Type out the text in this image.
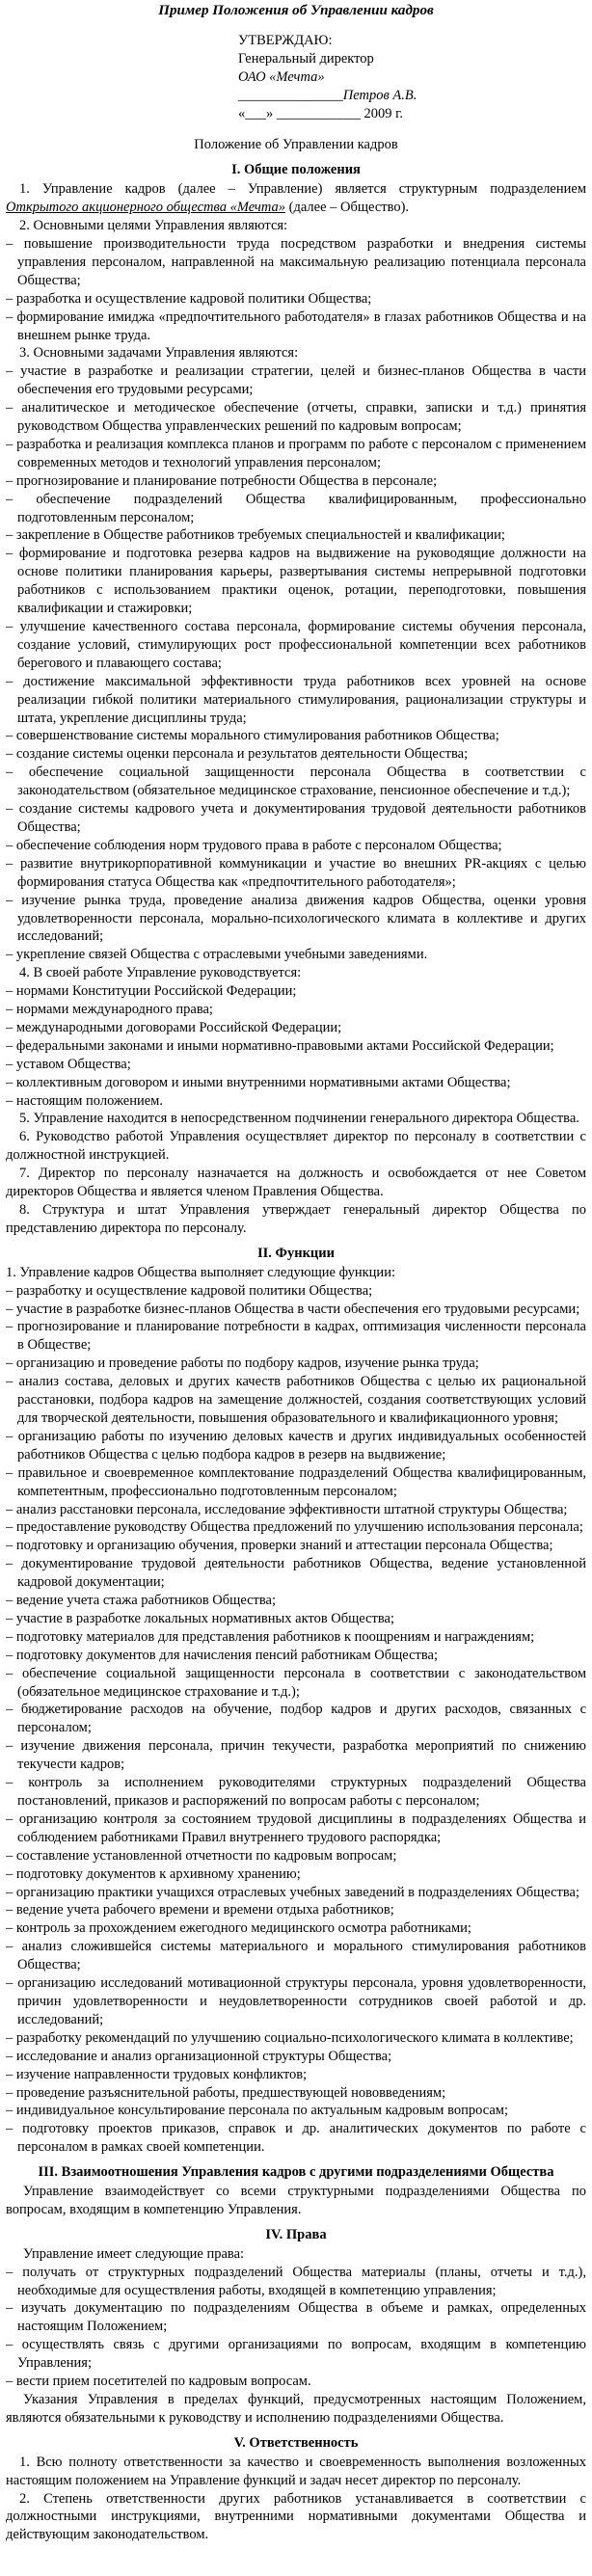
Пример Положения об Управлении кадров

УТВЕРЖДАЮ:

Генеральный директор

ОАО «Мечта»

_______________Петров А.В.

«___» ____________ 2009 г.

Положение об Управлении кадров

I. Общие положения

1. Управление кадров (далее – Управление) является структурным подразделением Открытого акционерного общества «Мечта» (далее – Общество).

2. Основными целями Управления являются:

– повышение производительности труда посредством разработки и внедрения системы управления персоналом, направленной на максимальную реализацию потенциала персонала Общества;

– разработка и осуществление кадровой политики Общества;

– формирование имиджа «предпочтительного работодателя» в глазах работников Общества и на внешнем рынке труда.

3. Основными задачами Управления являются:

– участие в разработке и реализации стратегии, целей и бизнес-планов Общества в части обеспечения его трудовыми ресурсами;

– аналитическое и методическое обеспечение (отчеты, справки, записки и т.д.) принятия руководством Общества управленческих решений по кадровым вопросам;

– разработка и реализация комплекса планов и программ по работе с персоналом с применением современных методов и технологий управления персоналом;

– прогнозирование и планирование потребности Общества в персонале;

– обеспечение подразделений Общества квалифицированным, профессионально подготовленным персоналом;

– закрепление в Обществе работников требуемых специальностей и квалификации;

– формирование и подготовка резерва кадров на выдвижение на руководящие должности на основе политики планирования карьеры, развертывания системы непрерывной подготовки работников с использованием практики оценок, ротации, переподготовки, повышения квалификации и стажировки;

– улучшение качественного состава персонала, формирование системы обучения персонала, создание условий, стимулирующих рост профессиональной компетенции всех работников берегового и плавающего состава;

– достижение максимальной эффективности труда работников всех уровней на основе реализации гибкой политики материального стимулирования, рационализации структуры и штата, укрепление дисциплины труда;

– совершенствование системы морального стимулирования работников Общества;

– создание системы оценки персонала и результатов деятельности Общества;

– обеспечение социальной защищенности персонала Общества в соответствии с законодательством (обязательное медицинское страхование, пенсионное обеспечение и т.д.);

– создание системы кадрового учета и документирования трудовой деятельности работников Общества;

– обеспечение соблюдения норм трудового права в работе с персоналом Общества;

– развитие внутрикорпоративной коммуникации и участие во внешних PR-акциях с целью формирования статуса Общества как «предпочтительного работодателя»;

– изучение рынка труда, проведение анализа движения кадров Общества, оценки уровня удовлетворенности персонала, морально-психологического климата в коллективе и других исследований;

– укрепление связей Общества с отраслевыми учебными заведениями.

4. В своей работе Управление руководствуется:

– нормами Конституции Российской Федерации;

– нормами международного права;

– международными договорами Российской Федерации;

– федеральными законами и иными нормативно-правовыми актами Российской Федерации;

– уставом Общества;

– коллективным договором и иными внутренними нормативными актами Общества;

– настоящим положением.

5. Управление находится в непосредственном подчинении генерального директора Общества.

6. Руководство работой Управления осуществляет директор по персоналу в соответствии с должностной инструкцией.

7. Директор по персоналу назначается на должность и освобождается от нее Советом директоров Общества и является членом Правления Общества.

8. Структура и штат Управления утверждает генеральный директор Общества по представлению директора по персоналу.

II. Функции

1. Управление кадров Общества выполняет следующие функции:

– разработку и осуществление кадровой политики Общества;

– участие в разработке бизнес-планов Общества в части обеспечения его трудовыми ресурсами;

– прогнозирование и планирование потребности в кадрах, оптимизация численности персонала в Обществе;

– организацию и проведение работы по подбору кадров, изучение рынка труда;

– анализ состава, деловых и других качеств работников Общества с целью их рациональной расстановки, подбора кадров на замещение должностей, создания соответствующих условий для творческой деятельности, повышения образовательного и квалификационного уровня;

– организацию работы по изучению деловых качеств и других индивидуальных особенностей работников Общества с целью подбора кадров в резерв на выдвижение;

– правильное и своевременное комплектование подразделений Общества квалифицированным, компетентным, профессионально подготовленным персоналом;

– анализ расстановки персонала, исследование эффективности штатной структуры Общества;

– предоставление руководству Общества предложений по улучшению использования персонала;

– подготовку и организацию обучения, проверки знаний и аттестации персонала Общества;

– документирование трудовой деятельности работников Общества, ведение установленной кадровой документации;

– ведение учета стажа работников Общества;

– участие в разработке локальных нормативных актов Общества;

– подготовку материалов для представления работников к поощрениям и награждениям;

– подготовку документов для начисления пенсий работникам Общества;

– обеспечение социальной защищенности персонала в соответствии с законодательством (обязательное медицинское страхование и т.д.);

– бюджетирование расходов на обучение, подбор кадров и других расходов, связанных с персоналом;

– изучение движения персонала, причин текучести, разработка мероприятий по снижению текучести кадров;

– контроль за исполнением руководителями структурных подразделений Общества постановлений, приказов и распоряжений по вопросам работы с персоналом;

– организацию контроля за состоянием трудовой дисциплины в подразделениях Общества и соблюдением работниками Правил внутреннего трудового распорядка;

– составление установленной отчетности по кадровым вопросам;

– подготовку документов к архивному хранению;

– организацию практики учащихся отраслевых учебных заведений в подразделениях Общества;

– ведение учета рабочего времени и времени отдыха работников;

– контроль за прохождением ежегодного медицинского осмотра работниками;

– анализ сложившейся системы материального и морального стимулирования работников Общества;

– организацию исследований мотивационной структуры персонала, уровня удовлетворенности, причин удовлетворенности и неудовлетворенности сотрудников своей работой и др. исследований;

– разработку рекомендаций по улучшению социально-психологического климата в коллективе;

– исследование и анализ организационной структуры Общества;

– изучение направленности трудовых конфликтов;

– проведение разъяснительной работы, предшествующей нововведениям;

– индивидуальное консультирование персонала по актуальным кадровым вопросам;

– подготовку проектов приказов, справок и др. аналитических документов по работе с персоналом в рамках своей компетенции.

III. Взаимоотношения Управления кадров с другими подразделениями Общества

Управление взаимодействует со всеми структурными подразделениями Общества по вопросам, входящим в компетенцию Управления.

IV. Права

Управление имеет следующие права:

– получать от структурных подразделений Общества материалы (планы, отчеты и т.д.), необходимые для осуществления работы, входящей в компетенцию управления;

– изучать документацию по подразделениям Общества в объеме и рамках, определенных настоящим Положением;

– осуществлять связь с другими организациями по вопросам, входящим в компетенцию Управления;

– вести прием посетителей по кадровым вопросам.

Указания Управления в пределах функций, предусмотренных настоящим Положением, являются обязательными к руководству и исполнению подразделениями Общества.

V. Ответственность

1. Всю полноту ответственности за качество и своевременность выполнения возложенных настоящим положением на Управление функций и задач несет директор по персоналу.

2. Степень ответственности других работников устанавливается в соответствии с должностными инструкциями, внутренними нормативными документами Общества и действующим законодательством.
